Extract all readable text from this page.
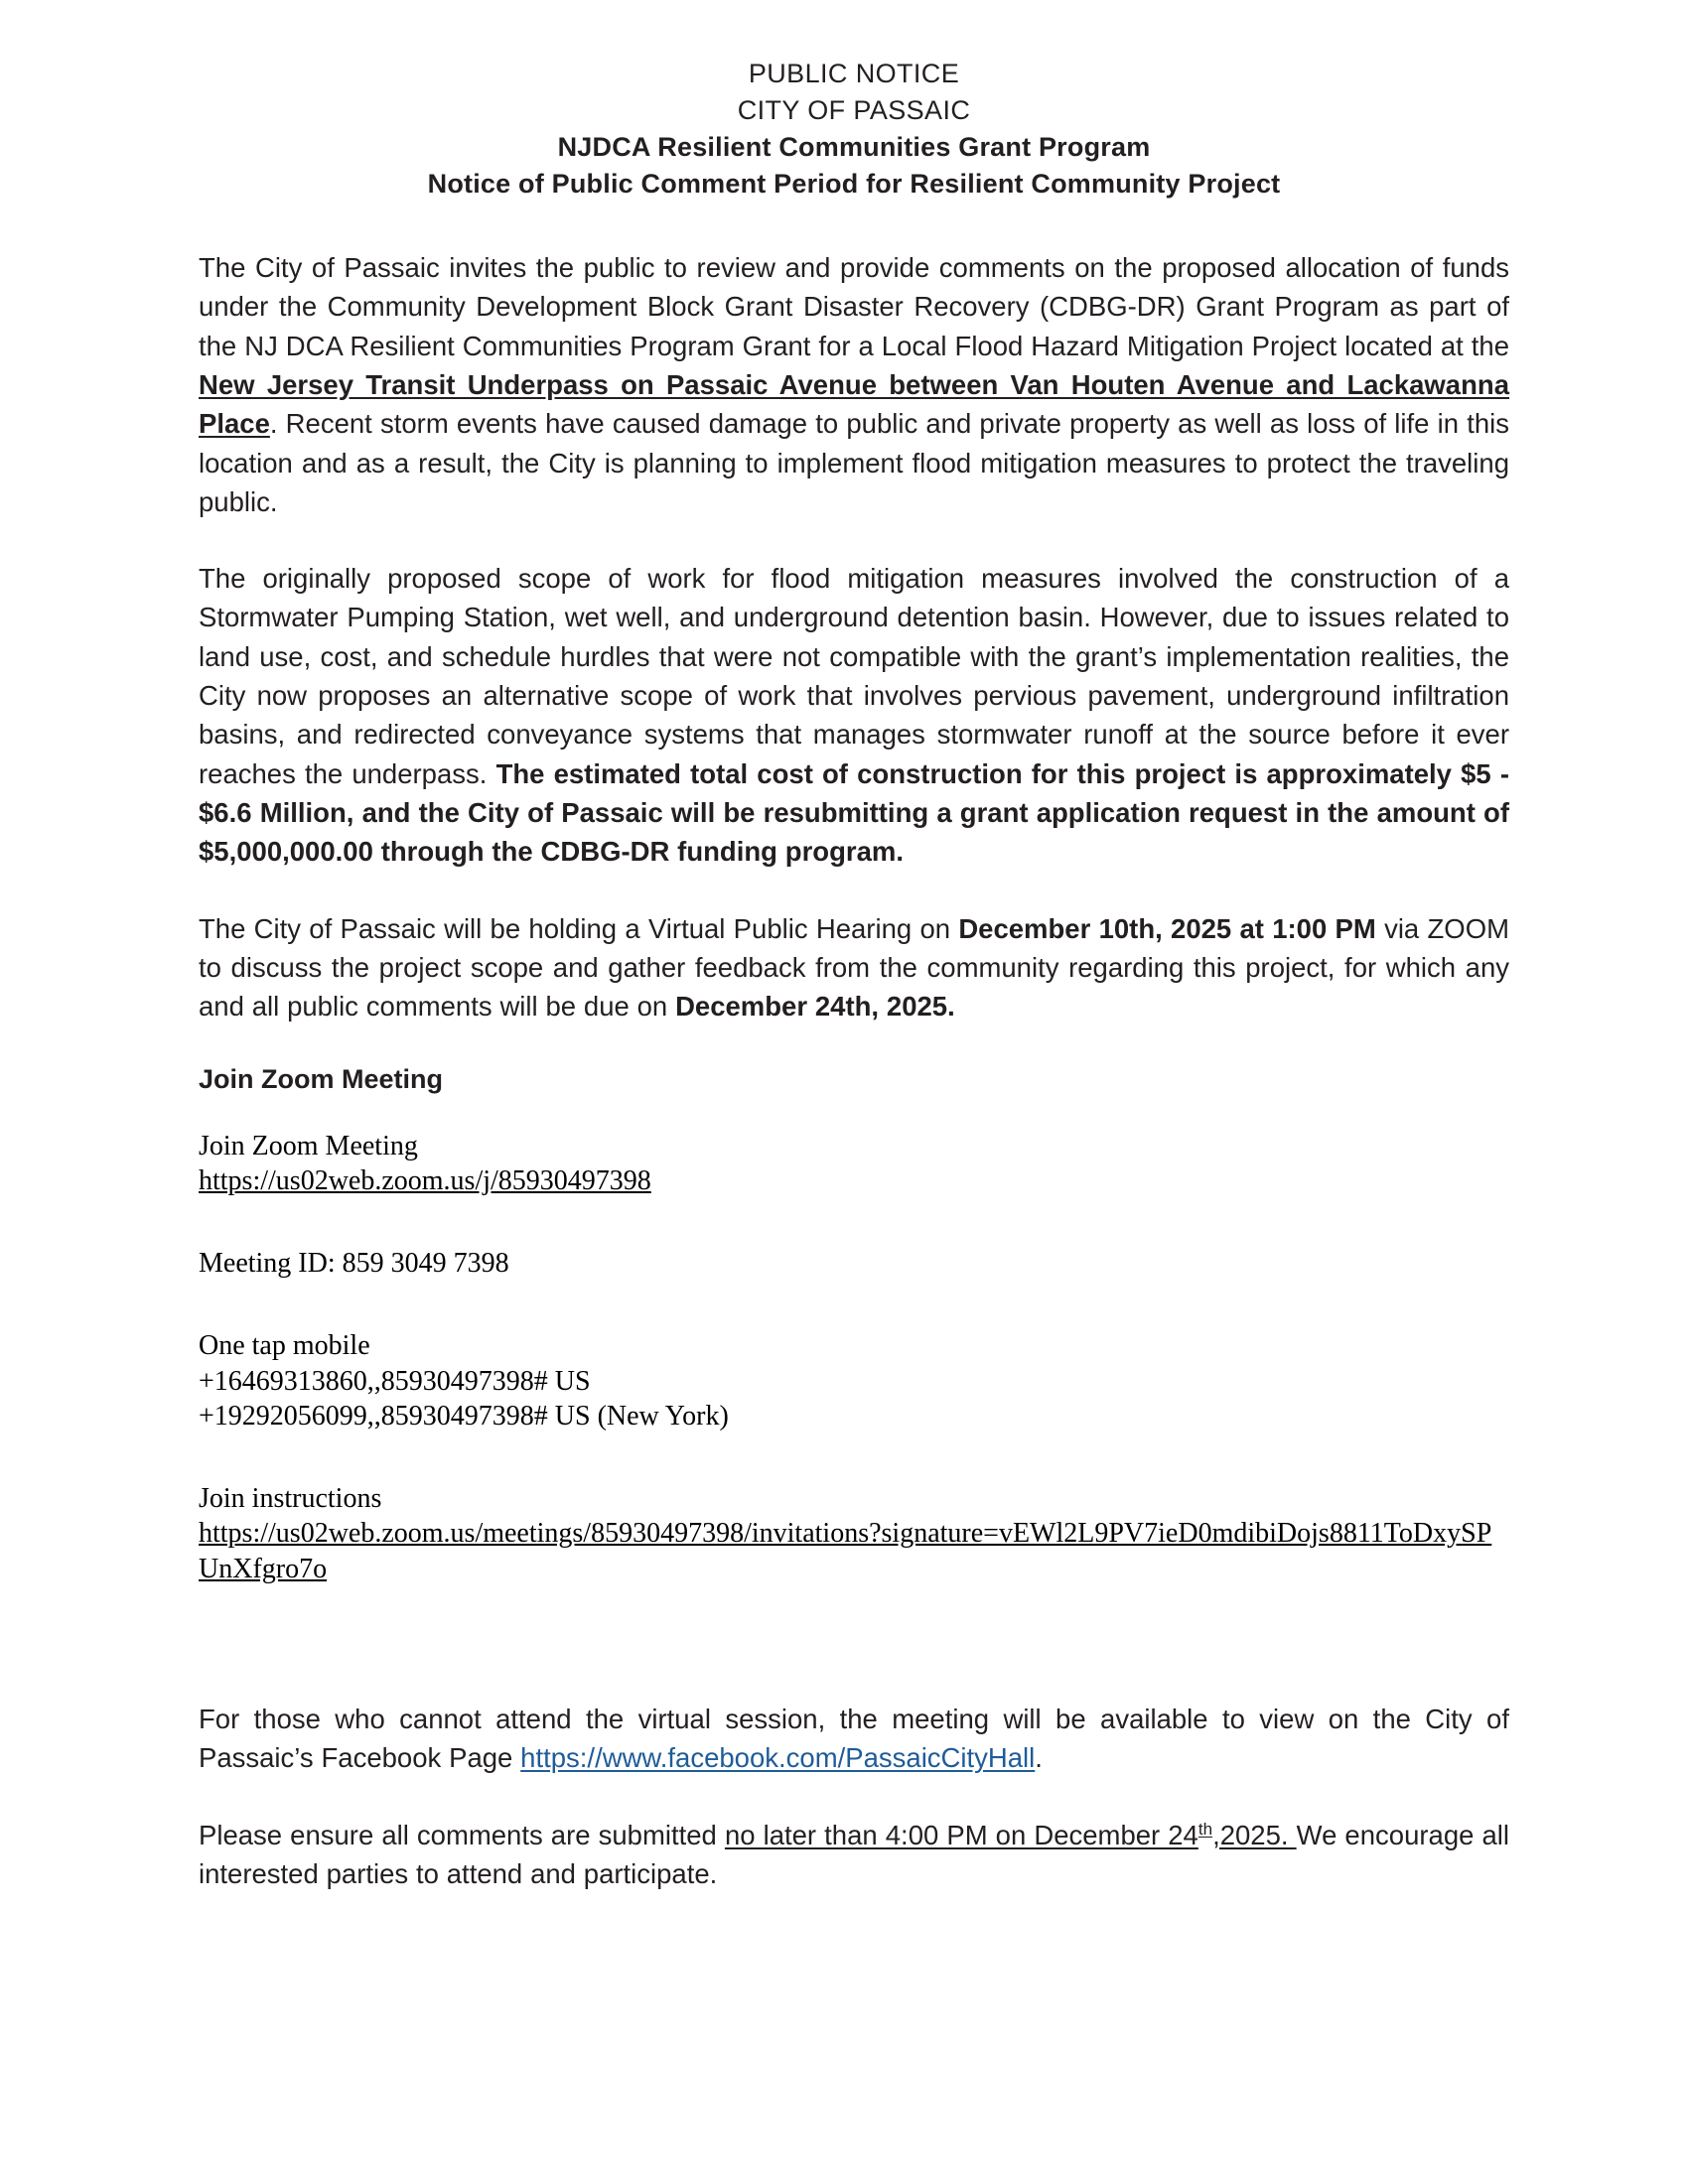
PUBLIC NOTICE
CITY OF PASSAIC
NJDCA Resilient Communities Grant Program
Notice of Public Comment Period for Resilient Community Project

The City of Passaic invites the public to review and provide comments on the proposed allocation of funds under the Community Development Block Grant Disaster Recovery (CDBG-DR) Grant Program as part of the NJ DCA Resilient Communities Program Grant for a Local Flood Hazard Mitigation Project located at the New Jersey Transit Underpass on Passaic Avenue between Van Houten Avenue and Lackawanna Place. Recent storm events have caused damage to public and private property as well as loss of life in this location and as a result, the City is planning to implement flood mitigation measures to protect the traveling public.

The originally proposed scope of work for flood mitigation measures involved the construction of a Stormwater Pumping Station, wet well, and underground detention basin. However, due to issues related to land use, cost, and schedule hurdles that were not compatible with the grant’s implementation realities, the City now proposes an alternative scope of work that involves pervious pavement, underground infiltration basins, and redirected conveyance systems that manages stormwater runoff at the source before it ever reaches the underpass. The estimated total cost of construction for this project is approximately $5 - $6.6 Million, and the City of Passaic will be resubmitting a grant application request in the amount of $5,000,000.00 through the CDBG-DR funding program.

The City of Passaic will be holding a Virtual Public Hearing on December 10th, 2025 at 1:00 PM via ZOOM to discuss the project scope and gather feedback from the community regarding this project, for which any and all public comments will be due on December 24th, 2025.

Join Zoom Meeting
Join Zoom Meeting
https://us02web.zoom.us/j/85930497398
Meeting ID: 859 3049 7398
One tap mobile
+16469313860,,85930497398# US
+19292056099,,85930497398# US (New York)
Join instructions
https://us02web.zoom.us/meetings/85930497398/invitations?signature=vEWl2L9PV7ieD0mdibiDojs8811ToDxySPUnXfgro7o

For those who cannot attend the virtual session, the meeting will be available to view on the City of Passaic’s Facebook Page https://www.facebook.com/PassaicCityHall.

Please ensure all comments are submitted no later than 4:00 PM on December 24th,2025. We encourage all interested parties to attend and participate.
